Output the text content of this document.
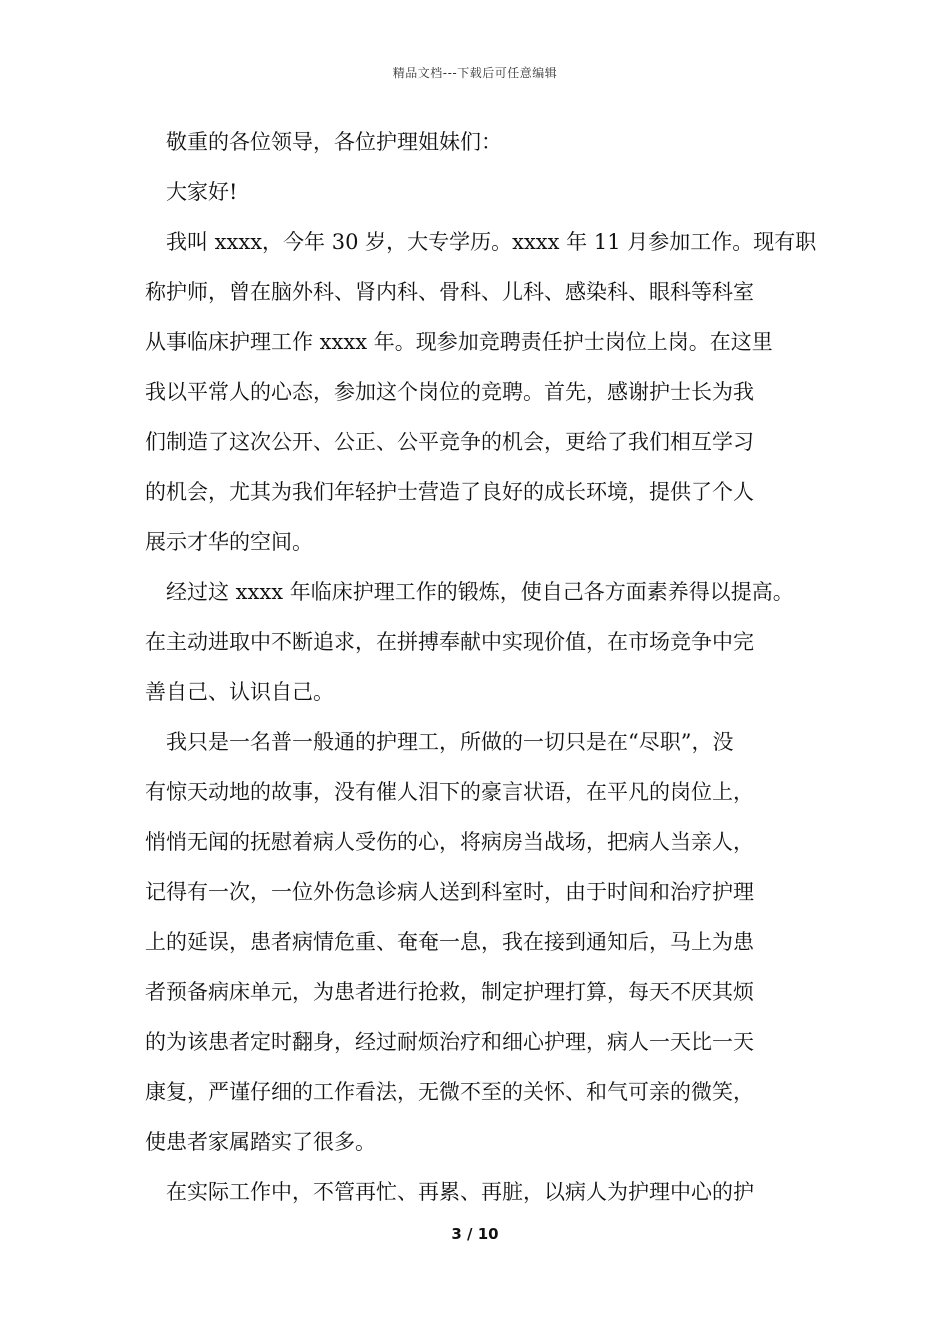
精品文档---下载后可任意编辑
敬重的各位领导，各位护理姐妹们：
大家好!
我叫 xxxx，今年 30 岁，大专学历。xxxx 年 11 月参加工作。现有职
称护师，曾在脑外科、肾内科、骨科、儿科、感染科、眼科等科室
从事临床护理工作 xxxx 年。现参加竞聘责任护士岗位上岗。在这里
我以平常人的心态，参加这个岗位的竞聘。首先，感谢护士长为我
们制造了这次公开、公正、公平竞争的机会，更给了我们相互学习
的机会，尤其为我们年轻护士营造了良好的成长环境，提供了个人
展示才华的空间。
经过这 xxxx 年临床护理工作的锻炼，使自己各方面素养得以提高。
在主动进取中不断追求，在拼搏奉献中实现价值，在市场竞争中完
善自己、认识自己。
我只是一名普一般通的护理工，所做的一切只是在“尽职”，没
有惊天动地的故事，没有催人泪下的豪言状语，在平凡的岗位上，
悄悄无闻的抚慰着病人受伤的心，将病房当战场，把病人当亲人，
记得有一次，一位外伤急诊病人送到科室时，由于时间和治疗护理
上的延误，患者病情危重、奄奄一息，我在接到通知后，马上为患
者预备病床单元，为患者进行抢救，制定护理打算，每天不厌其烦
的为该患者定时翻身，经过耐烦治疗和细心护理，病人一天比一天
康复，严谨仔细的工作看法，无微不至的关怀、和气可亲的微笑，
使患者家属踏实了很多。
在实际工作中，不管再忙、再累、再脏，以病人为护理中心的护
3 / 10
